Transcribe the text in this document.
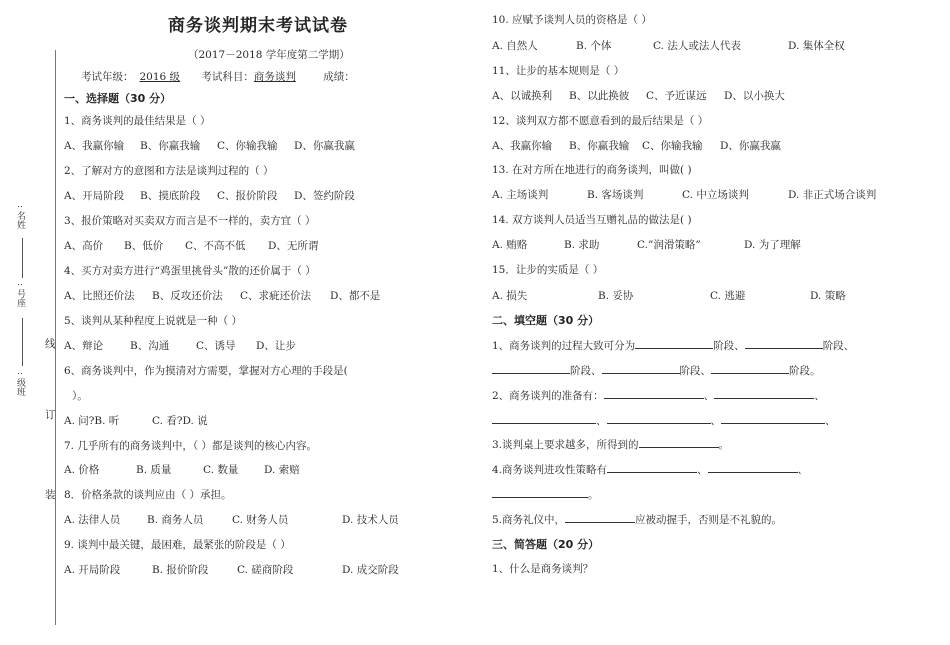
: 名姓
: 号座
: 级班
线
订
装
商务谈判期末考试试卷
（2017－2018 学年度第二学期）
考试年级： 2016 级 考试科目：商务谈判	成绩：
一、选择题（30 分）
1、商务谈判的最佳结果是（ ）
A、我赢你输 B、你赢我输 C、你输我输 D、你赢我赢
2、了解对方的意图和方法是谈判过程的（ ）
A、开局阶段 B、摸底阶段 C、报价阶段 D、签约阶段
3、报价策略对买卖双方而言是不一样的，卖方宜（ ）
A、高价 B、低价 C、不高不低 D、无所谓
4、买方对卖方进行“鸡蛋里挑骨头”散的还价属于（ ）
A、比照还价法 B、反攻还价法 C、求疵还价法 D、都不是
5、谈判从某种程度上说就是一种（ ）
A、辩论	B、沟通	C、诱导 D、让步
6、商务谈判中，作为摸清对方需要，掌握对方心理的手段是(
）。
A. 问?B. 听	C. 看?D. 说
7. 几乎所有的商务谈判中，（ ）都是谈判的核心内容。
A. 价格	B. 质量	C. 数量 D. 索赔
8．价格条款的谈判应由（ ）承担。
A. 法律人员	B. 商务人员	C. 财务人员	D. 技术人员
9. 谈判中最关键，最困难，最紧张的阶段是（ ）
A. 开局阶段	B. 报价阶段	C. 磋商阶段	D. 成交阶段
10. 应赋予谈判人员的资格是（ ）
A. 自然人	B. 个体	C. 法人或法人代表	D. 集体全权
11、让步的基本规则是（ ）
A、以诚换利 B、以此换彼 C、予近谋远 D、以小换大
12、谈判双方都不愿意看到的最后结果是（ ）
A、我赢你输 B、你赢我输 C、你输我输 D、你赢我赢
13. 在对方所在地进行的商务谈判，叫做( )
A. 主场谈判	B. 客场谈判	C. 中立场谈判	D. 非正式场合谈判
14. 双方谈判人员适当互赠礼品的做法是( )
A. 贿赂	B. 求助	C.”润滑策略”	D. 为了理解
15．让步的实质是（ ）
A. 损失	B. 妥协	C. 逃避	D. 策略
二、填空题（30 分）
1、商务谈判的过程大致可分为	阶段、	阶段、
阶段、	阶段、	阶段。
2、商务谈判的准备有：	、	、
、	、	、
3.谈判桌上要求越多，所得到的	。
4.商务谈判进攻性策略有	、	、
。
5.商务礼仪中，	应被动握手，否则是不礼貌的。
三、简答题（20 分）
1、什么是商务谈判？
